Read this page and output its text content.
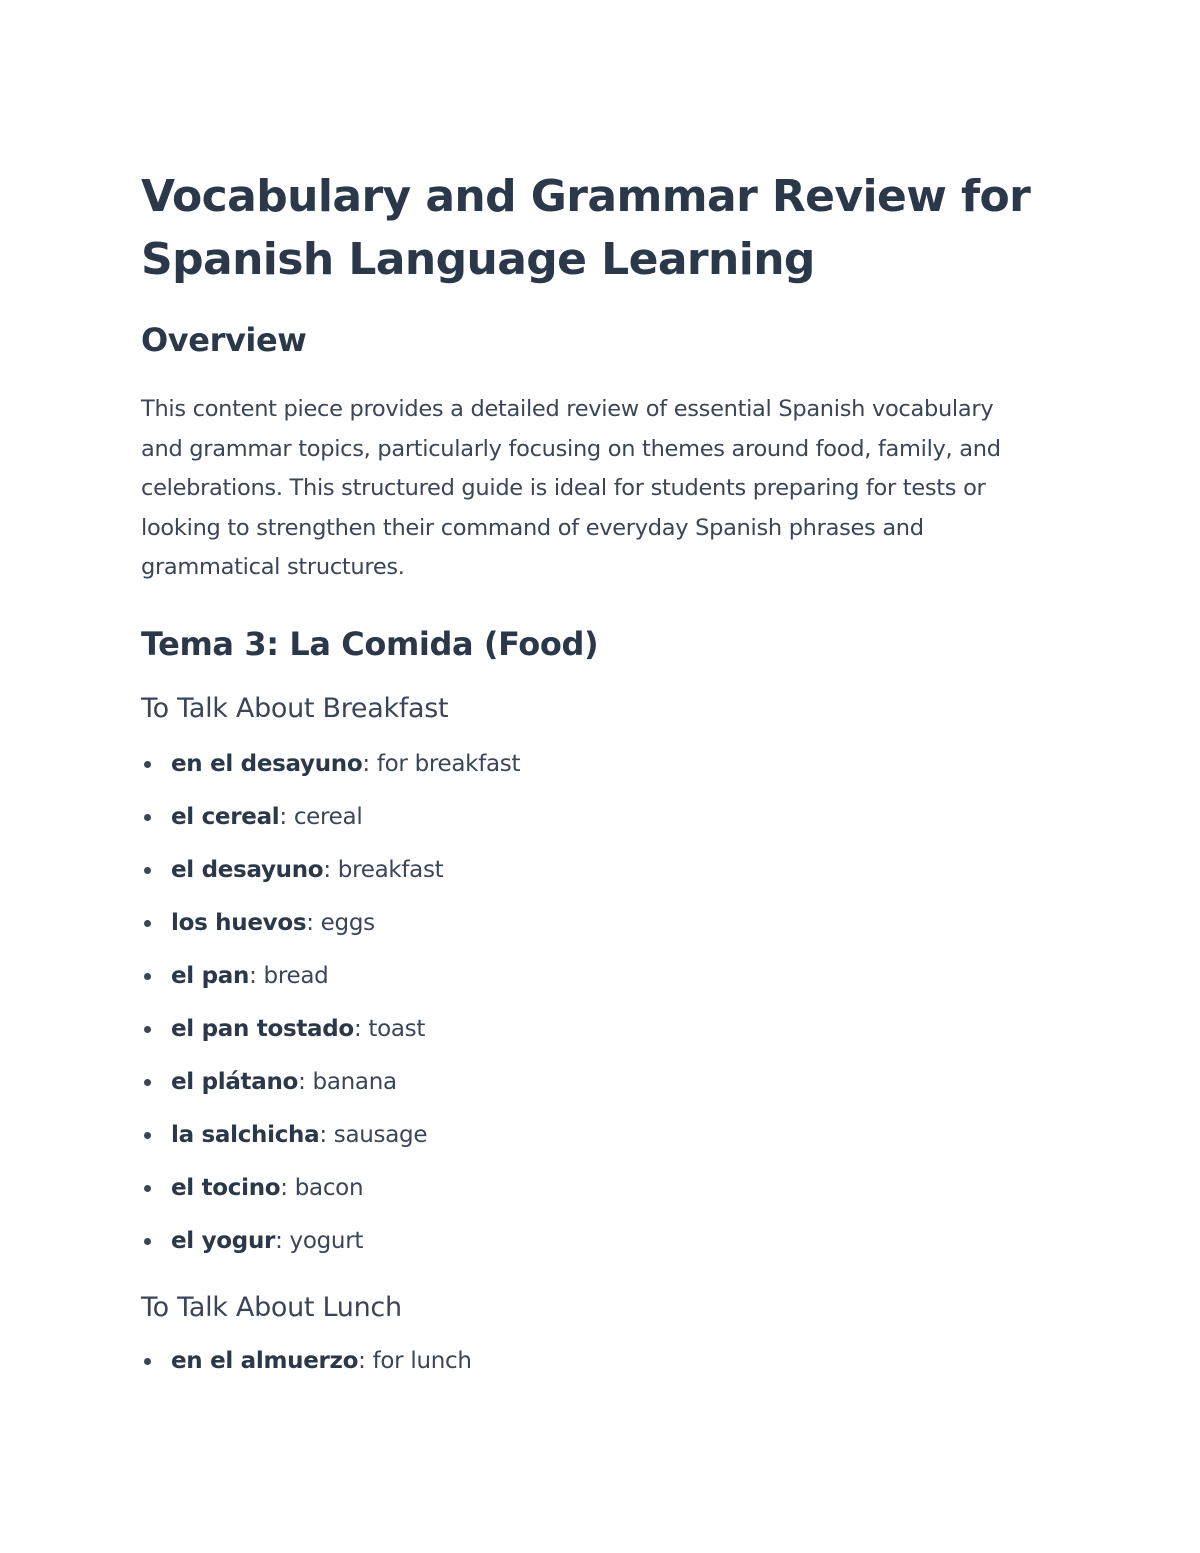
Vocabulary and Grammar Review for Spanish Language Learning
Overview

This content piece provides a detailed review of essential Spanish vocabulary and grammar topics, particularly focusing on themes around food, family, and celebrations. This structured guide is ideal for students preparing for tests or looking to strengthen their command of everyday Spanish phrases and grammatical structures.

Tema 3: La Comida (Food)
To Talk About Breakfast
en el desayuno: for breakfast
el cereal: cereal
el desayuno: breakfast
los huevos: eggs
el pan: bread
el pan tostado: toast
el plátano: banana
la salchicha: sausage
el tocino: bacon
el yogur: yogurt
To Talk About Lunch
en el almuerzo: for lunch
